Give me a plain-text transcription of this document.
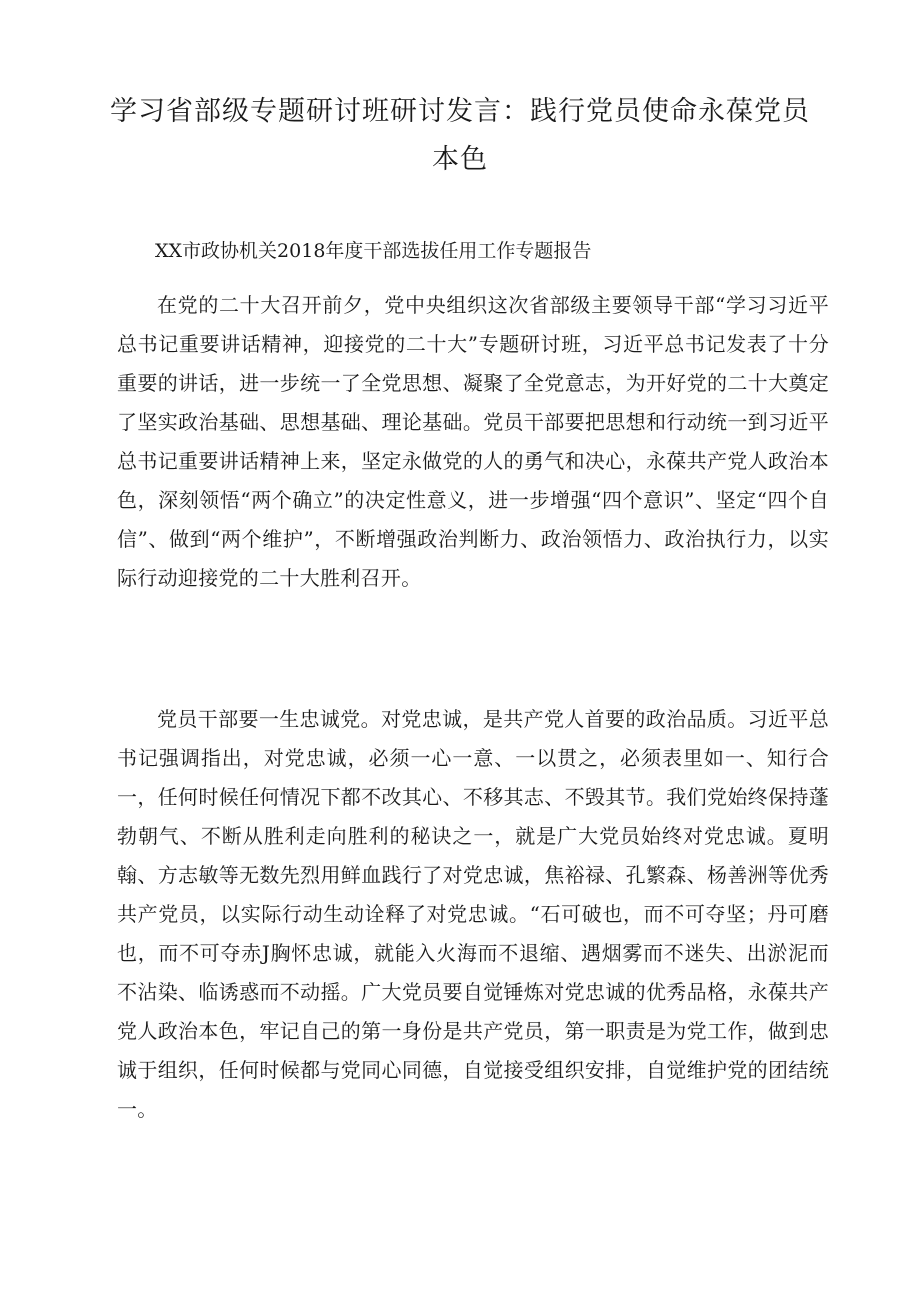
学习省部级专题研讨班研讨发言：践行党员使命永葆党员本色

XX市政协机关2018年度干部选拔任用工作专题报告

在党的二十大召开前夕，党中央组织这次省部级主要领导干部“学习习近平总书记重要讲话精神，迎接党的二十大”专题研讨班，习近平总书记发表了十分重要的讲话，进一步统一了全党思想、凝聚了全党意志，为开好党的二十大奠定了坚实政治基础、思想基础、理论基础。党员干部要把思想和行动统一到习近平总书记重要讲话精神上来，坚定永做党的人的勇气和决心，永葆共产党人政治本色，深刻领悟“两个确立”的决定性意义，进一步增强“四个意识”、坚定“四个自信”、做到“两个维护”，不断增强政治判断力、政治领悟力、政治执行力，以实际行动迎接党的二十大胜利召开。

党员干部要一生忠诚党。对党忠诚，是共产党人首要的政治品质。习近平总书记强调指出，对党忠诚，必须一心一意、一以贯之，必须表里如一、知行合一，任何时候任何情况下都不改其心、不移其志、不毁其节。我们党始终保持蓬勃朝气、不断从胜利走向胜利的秘诀之一，就是广大党员始终对党忠诚。夏明翰、方志敏等无数先烈用鲜血践行了对党忠诚，焦裕禄、孔繁森、杨善洲等优秀共产党员，以实际行动生动诠释了对党忠诚。“石可破也，而不可夺坚；丹可磨也，而不可夺赤J胸怀忠诚，就能入火海而不退缩、遇烟雾而不迷失、出淤泥而不沾染、临诱惑而不动摇。广大党员要自觉锤炼对党忠诚的优秀品格，永葆共产党人政治本色，牢记自己的第一身份是共产党员，第一职责是为党工作，做到忠诚于组织，任何时候都与党同心同德，自觉接受组织安排，自觉维护党的团结统一。
